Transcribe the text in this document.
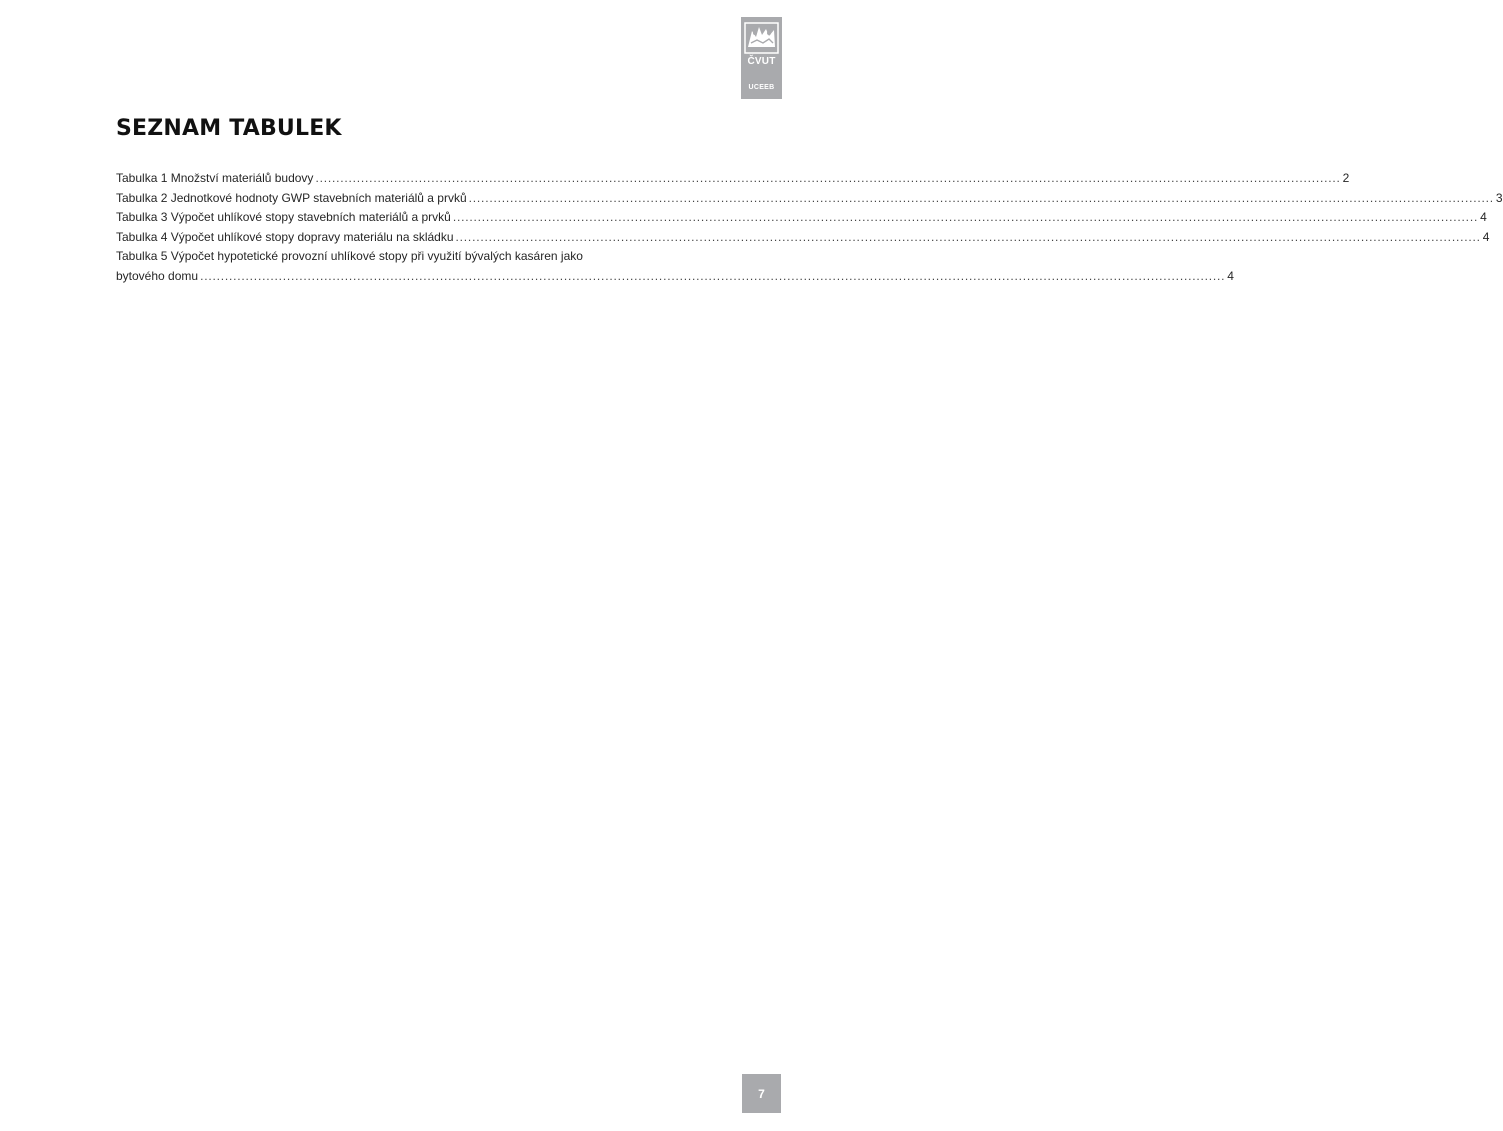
ČVUT
UCEEB
SEZNAM TABULEK
Tabulka 1 Množství materiálů budovy ........................................................................................................................................................................................................................................................ 2
Tabulka 2 Jednotkové hodnoty GWP stavebních materiálů a prvků ........................................................................................................................................................................................................................................................ 3
Tabulka 3 Výpočet uhlíkové stopy stavebních materiálů a prvků ........................................................................................................................................................................................................................................................ 4
Tabulka 4 Výpočet uhlíkové stopy dopravy materiálu na skládku ........................................................................................................................................................................................................................................................ 4
Tabulka 5 Výpočet hypotetické provozní uhlíkové stopy při využití bývalých kasáren jako
bytového domu ........................................................................................................................................................................................................................................................ 4
7
